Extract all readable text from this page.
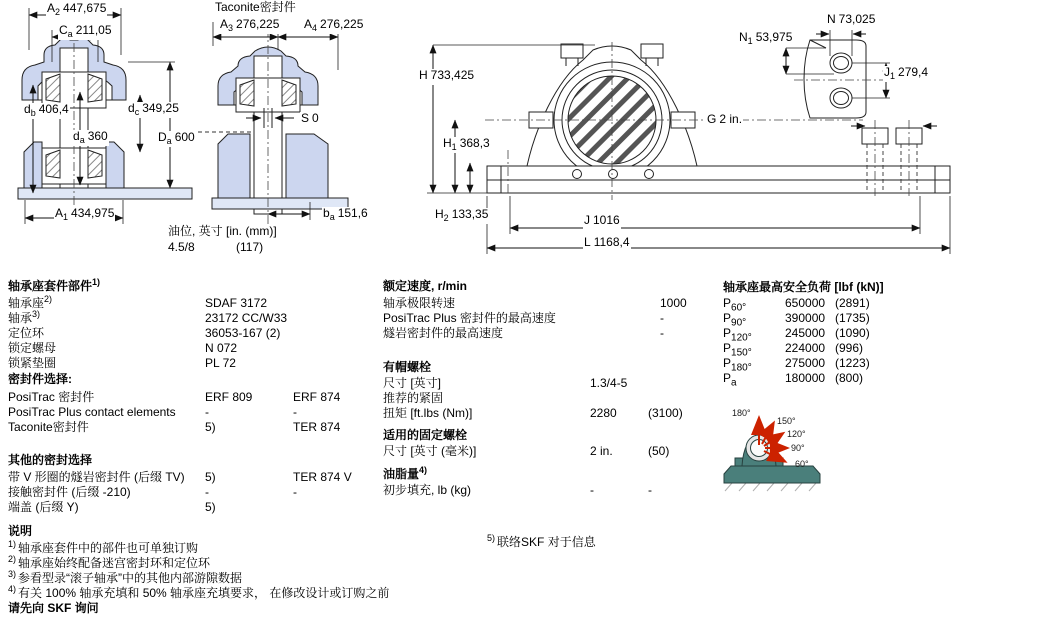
$A_2$ 447,675
$C_a$ 211,05
$d_b$ 406,4	$d_c$ 349,25
$d_a$ 360	$D_a$ 600
$A_1$ 434,975
Taconite密封件
$A_3$ 276,225 $A_4$ 276,225
S 0
$b_a$ 151,6
油位, 英寸 [in. (mm)]
4.5/8	(117)
H 733,425
$H_1$ 368,3
$H_2$ 133,35	J 1016
L 1168,4
G 2 in.
N 73,025
$N_1$ 53,975
$J_1$ 279,4
轴承座套件部件$^{1)}$
轴承座$^{2)}$	SDAF 3172
轴承$^{3)}$	23172 CC/W33
定位环	36053-167 (2)
锁定螺母	N 072
锁紧垫圈	PL 72
密封件选择:
PosiTrac 密封件	ERF 809	ERF 874
PosiTrac Plus contact elements -	-
Taconite密封件	5)	TER 874
其他的密封选择
带 V 形圈的燧岩密封件 (后缀 TV) 5)	TER 874 V
接触密封件 (后缀 -210)	-	-
端盖 (后缀 Y)	5)
说明
$^{1)}$ 轴承座套件中的部件也可单独订购
$^{2)}$ 轴承座始终配备迷宫密封环和定位环
$^{3)}$ 参看型录“滚子轴承”中的其他内部游隙数据
$^{4)}$ 有关 100% 轴承充填和 50% 轴承座充填要求， 在修改设计或订购之前
请先向 SKF 询问
额定速度, r/min
轴承极限转速	1000
PosiTrac Plus 密封件的最高速度	-
燧岩密封件的最高速度	-
有帽螺栓
尺寸 [英寸]	1.3/4-5
推荐的紧固
扭矩 [ft.lbs (Nm)]	2280	(3100)
适用的固定螺栓
尺寸 [英寸 (毫米)]	2 in.	(50)
油脂量$^{4)}$
初步填充, lb (kg)	-	-
$^{5)}$ 联络SKF 对于信息
轴承座最高安全负荷 [lbf (kN)]
$P_{60^\circ}$	650000 (2891)
$P_{90^\circ}$	390000 (1735)
$P_{120^\circ}$	245000 (1090)
$P_{150^\circ}$	224000 (996)
$P_{180^\circ}$	275000 (1223)
$P_a$	180000 (800)
180°
150°
120°
90°
60°
